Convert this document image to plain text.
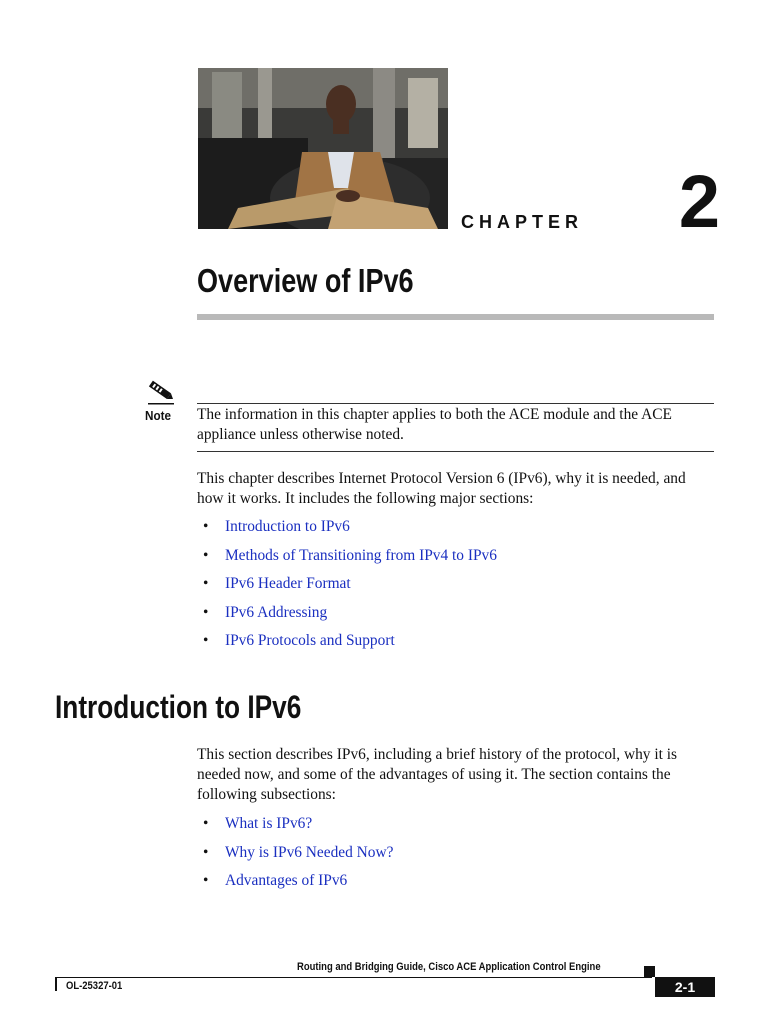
CHAPTER 2
Overview of IPv6
Note The information in this chapter applies to both the ACE module and the ACE appliance unless otherwise noted.
This chapter describes Internet Protocol Version 6 (IPv6), why it is needed, and how it works. It includes the following major sections:
• Introduction to IPv6
• Methods of Transitioning from IPv4 to IPv6
• IPv6 Header Format
• IPv6 Addressing
• IPv6 Protocols and Support
Introduction to IPv6
This section describes IPv6, including a brief history of the protocol, why it is needed now, and some of the advantages of using it. The section contains the following subsections:
• What is IPv6?
• Why is IPv6 Needed Now?
• Advantages of IPv6
Routing and Bridging Guide, Cisco ACE Application Control Engine
OL-25327-01	2-1
